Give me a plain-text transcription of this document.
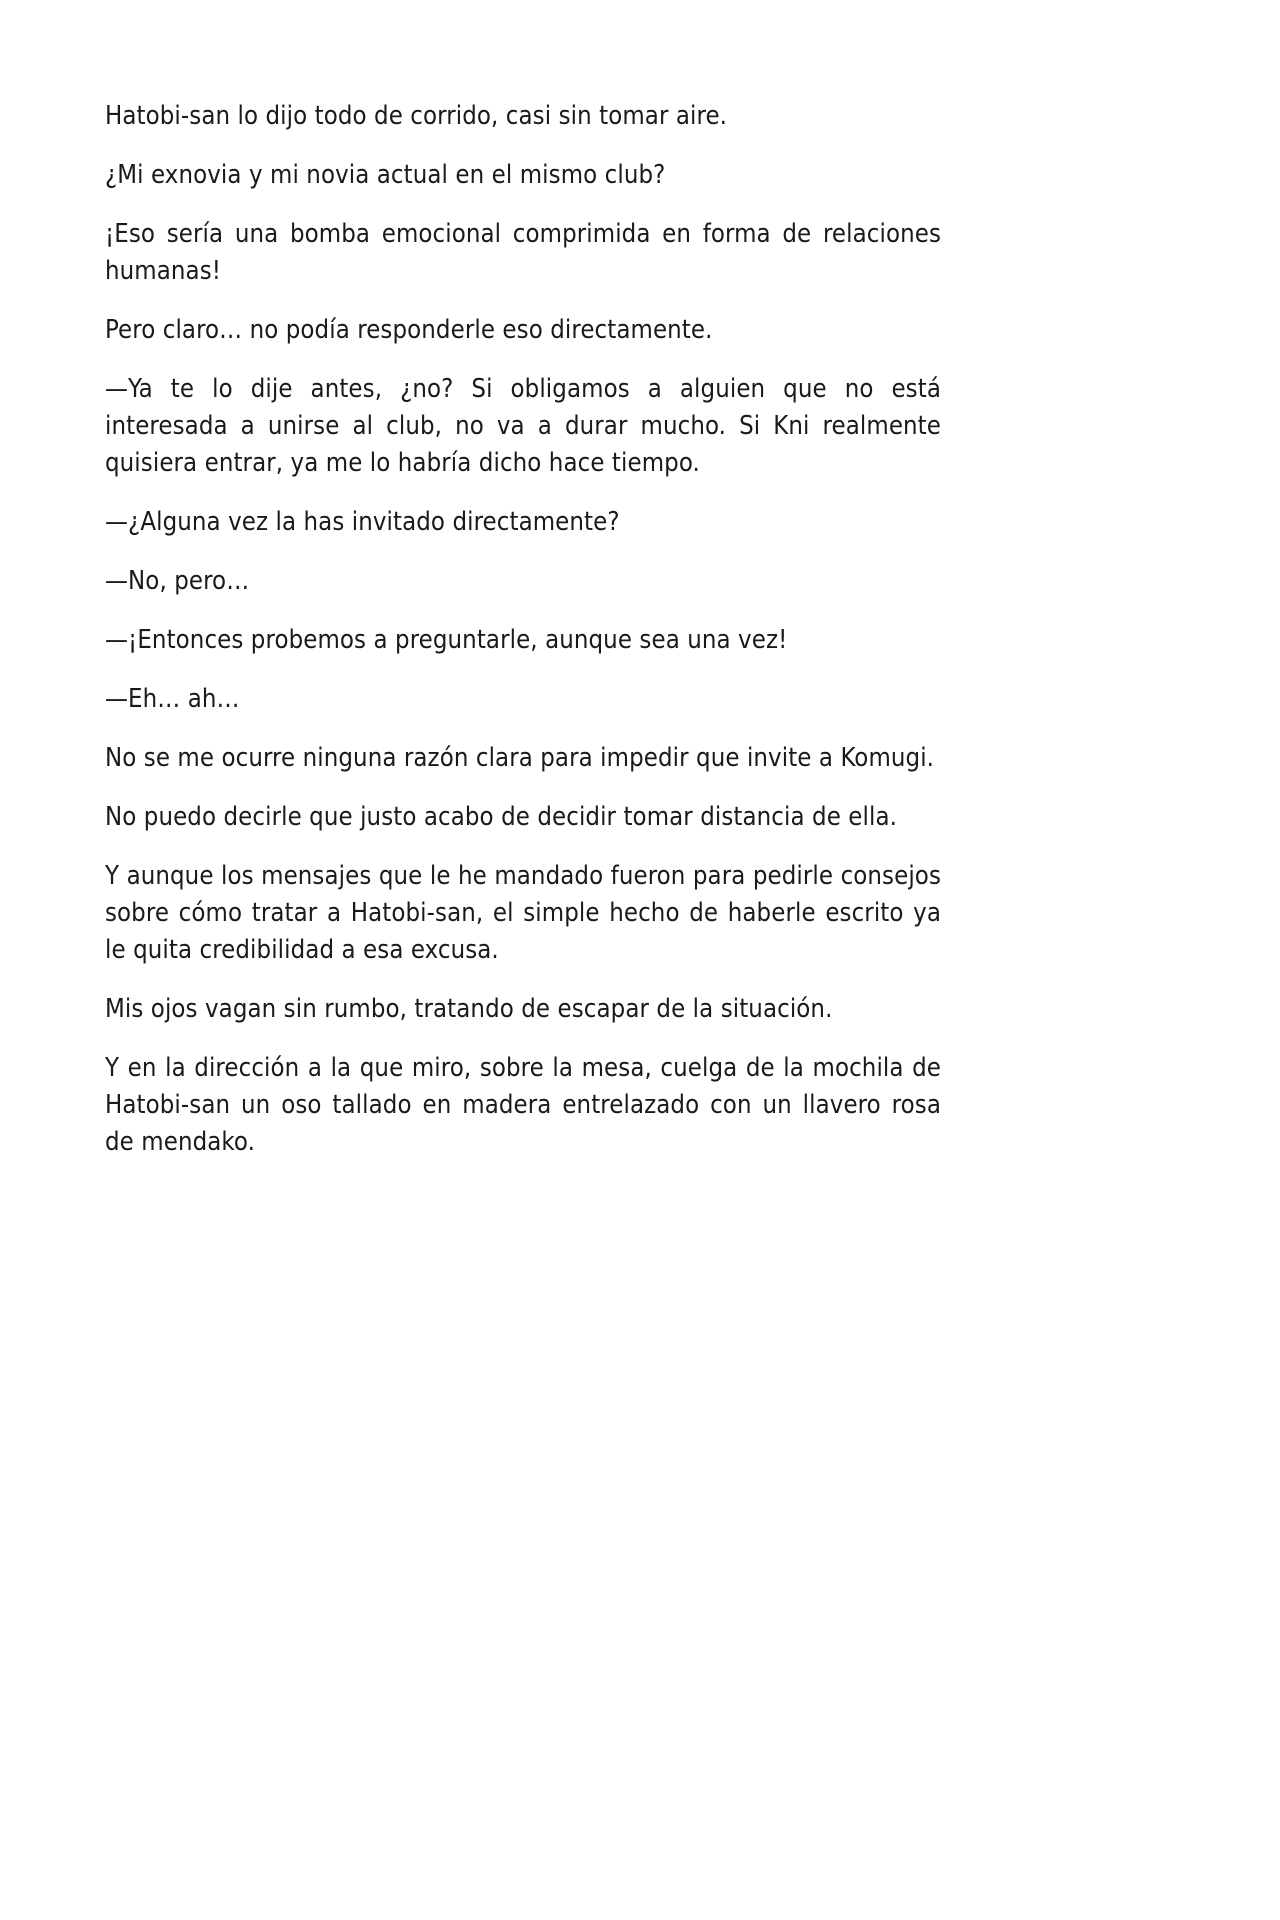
Hatobi-san lo dijo todo de corrido, casi sin tomar aire.

¿Mi exnovia y mi novia actual en el mismo club?

¡Eso sería una bomba emocional comprimida en forma de relaciones humanas!

Pero claro… no podía responderle eso directamente.

—Ya te lo dije antes, ¿no? Si obligamos a alguien que no está interesada a unirse al club, no va a durar mucho. Si Kni realmente quisiera entrar, ya me lo habría dicho hace tiempo.

—¿Alguna vez la has invitado directamente?

—No, pero…

—¡Entonces probemos a preguntarle, aunque sea una vez!

—Eh… ah…

No se me ocurre ninguna razón clara para impedir que invite a Komugi.

No puedo decirle que justo acabo de decidir tomar distancia de ella.

Y aunque los mensajes que le he mandado fueron para pedirle consejos sobre cómo tratar a Hatobi-san, el simple hecho de haberle escrito ya le quita credibilidad a esa excusa.

Mis ojos vagan sin rumbo, tratando de escapar de la situación.

Y en la dirección a la que miro, sobre la mesa, cuelga de la mochila de Hatobi-san un oso tallado en madera entrelazado con un llavero rosa de mendako.
